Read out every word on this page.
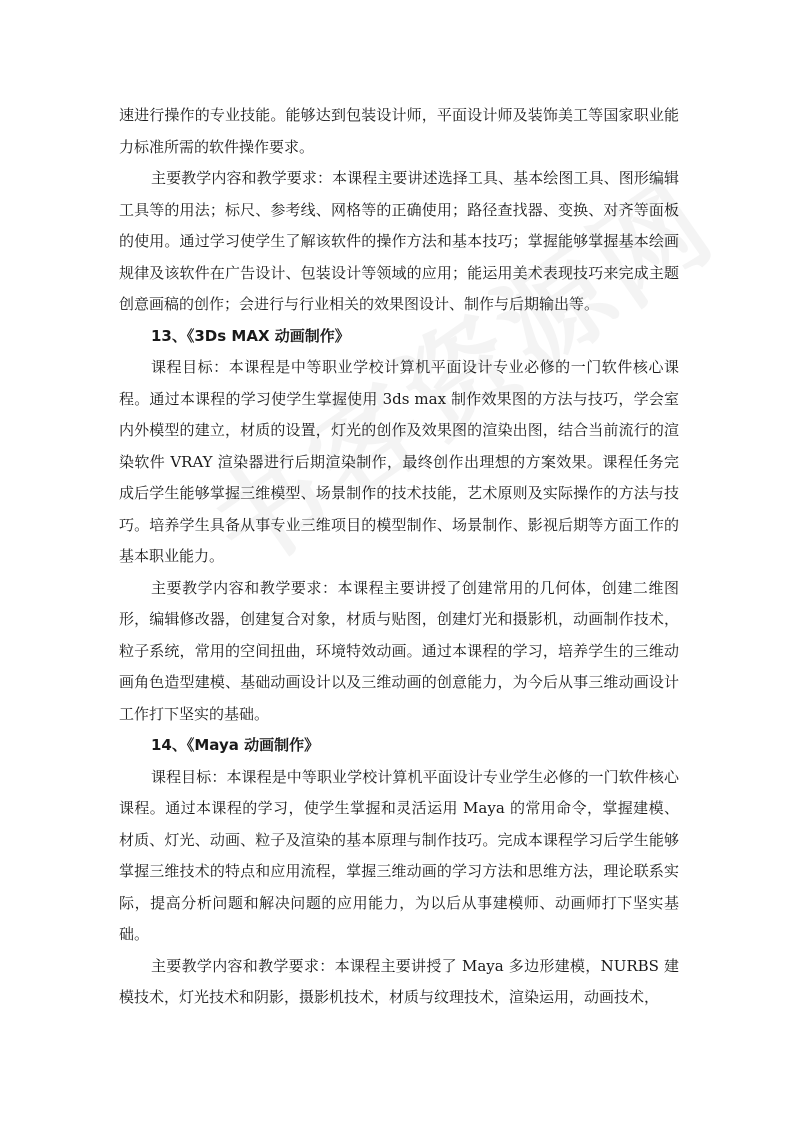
速进行操作的专业技能。能够达到包装设计师，平面设计师及装饰美工等国家职业能力标准所需的软件操作要求。

主要教学内容和教学要求：本课程主要讲述选择工具、基本绘图工具、图形编辑工具等的用法；标尺、参考线、网格等的正确使用；路径查找器、变换、对齐等面板的使用。通过学习使学生了解该软件的操作方法和基本技巧；掌握能够掌握基本绘画规律及该软件在广告设计、包装设计等领域的应用；能运用美术表现技巧来完成主题创意画稿的创作；会进行与行业相关的效果图设计、制作与后期输出等。

13、《3Ds MAX 动画制作》

课程目标：本课程是中等职业学校计算机平面设计专业必修的一门软件核心课程。通过本课程的学习使学生掌握使用 3ds max 制作效果图的方法与技巧，学会室内外模型的建立，材质的设置，灯光的创作及效果图的渲染出图，结合当前流行的渲染软件 VRAY 渲染器进行后期渲染制作，最终创作出理想的方案效果。课程任务完成后学生能够掌握三维模型、场景制作的技术技能，艺术原则及实际操作的方法与技巧。培养学生具备从事专业三维项目的模型制作、场景制作、影视后期等方面工作的基本职业能力。

主要教学内容和教学要求：本课程主要讲授了创建常用的几何体，创建二维图形，编辑修改器，创建复合对象，材质与贴图，创建灯光和摄影机，动画制作技术，粒子系统，常用的空间扭曲，环境特效动画。通过本课程的学习，培养学生的三维动画角色造型建模、基础动画设计以及三维动画的创意能力，为今后从事三维动画设计工作打下坚实的基础。

14、《Maya 动画制作》

课程目标：本课程是中等职业学校计算机平面设计专业学生必修的一门软件核心课程。通过本课程的学习，使学生掌握和灵活运用 Maya 的常用命令，掌握建模、材质、灯光、动画、粒子及渲染的基本原理与制作技巧。完成本课程学习后学生能够掌握三维技术的特点和应用流程，掌握三维动画的学习方法和思维方法，理论联系实际，提高分析问题和解决问题的应用能力，为以后从事建模师、动画师打下坚实基础。

主要教学内容和教学要求：本课程主要讲授了 Maya 多边形建模，NURBS 建模技术，灯光技术和阴影，摄影机技术，材质与纹理技术，渲染运用，动画技术，
